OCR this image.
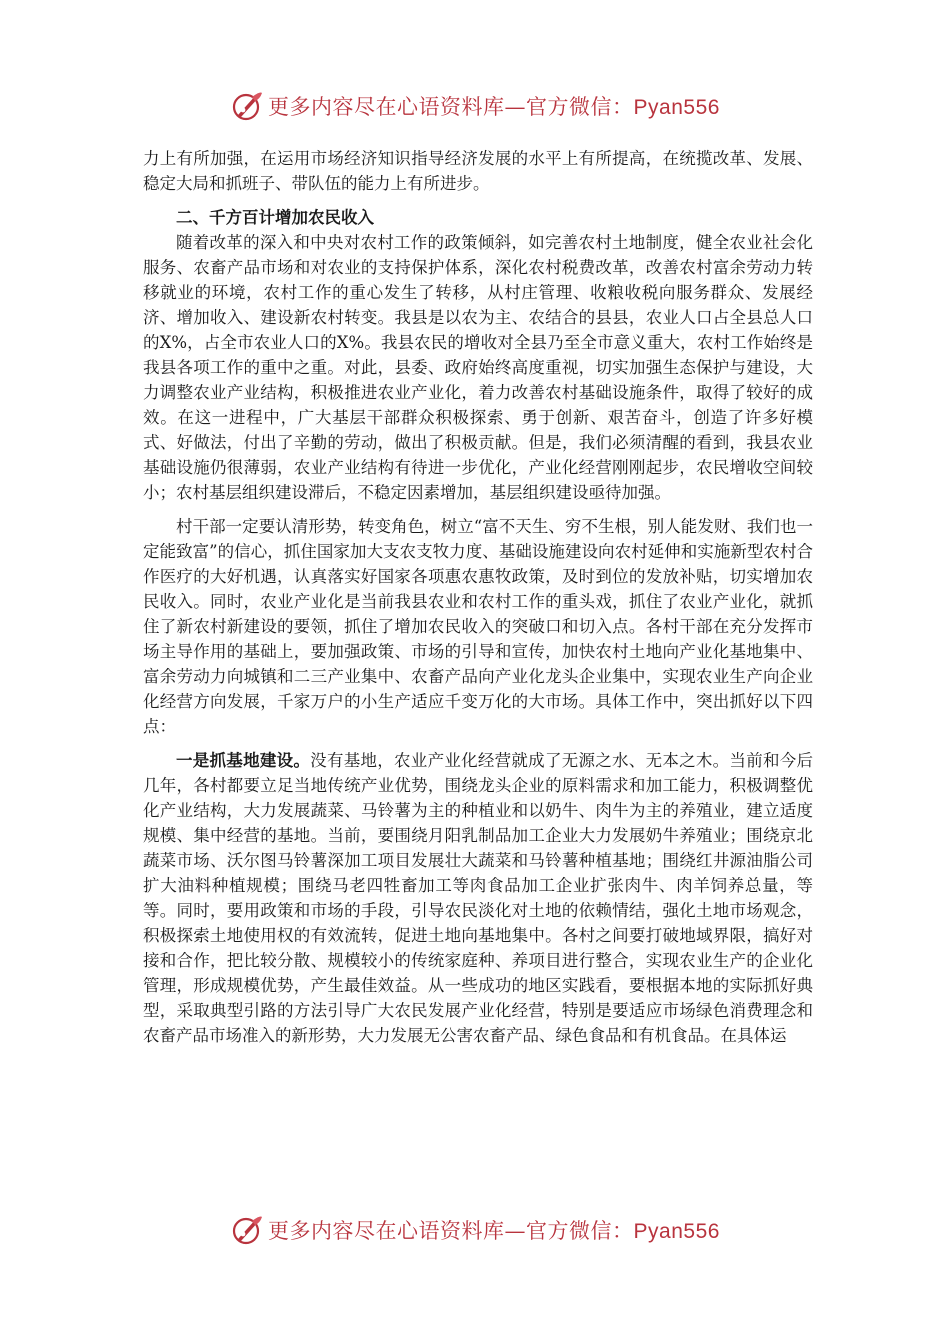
更多内容尽在心语资料库—官方微信：Pyan556

力上有所加强，在运用市场经济知识指导经济发展的水平上有所提高，在统揽改革、发展、稳定大局和抓班子、带队伍的能力上有所进步。

二、千方百计增加农民收入

随着改革的深入和中央对农村工作的政策倾斜，如完善农村土地制度，健全农业社会化服务、农畜产品市场和对农业的支持保护体系，深化农村税费改革，改善农村富余劳动力转移就业的环境，农村工作的重心发生了转移，从村庄管理、收粮收税向服务群众、发展经济、增加收入、建设新农村转变。我县是以农为主、农结合的县县，农业人口占全县总人口的X%，占全市农业人口的X%。我县农民的增收对全县乃至全市意义重大，农村工作始终是我县各项工作的重中之重。对此，县委、政府始终高度重视，切实加强生态保护与建设，大力调整农业产业结构，积极推进农业产业化，着力改善农村基础设施条件，取得了较好的成效。在这一进程中，广大基层干部群众积极探索、勇于创新、艰苦奋斗，创造了许多好模式、好做法，付出了辛勤的劳动，做出了积极贡献。但是，我们必须清醒的看到，我县农业基础设施仍很薄弱，农业产业结构有待进一步优化，产业化经营刚刚起步，农民增收空间较小；农村基层组织建设滞后，不稳定因素增加，基层组织建设亟待加强。

村干部一定要认清形势，转变角色，树立“富不天生、穷不生根，别人能发财、我们也一定能致富”的信心，抓住国家加大支农支牧力度、基础设施建设向农村延伸和实施新型农村合作医疗的大好机遇，认真落实好国家各项惠农惠牧政策，及时到位的发放补贴，切实增加农民收入。同时，农业产业化是当前我县农业和农村工作的重头戏，抓住了农业产业化，就抓住了新农村新建设的要领，抓住了增加农民收入的突破口和切入点。各村干部在充分发挥市场主导作用的基础上，要加强政策、市场的引导和宣传，加快农村土地向产业化基地集中、富余劳动力向城镇和二三产业集中、农畜产品向产业化龙头企业集中，实现农业生产向企业化经营方向发展，千家万户的小生产适应千变万化的大市场。具体工作中，突出抓好以下四点：

一是抓基地建设。没有基地，农业产业化经营就成了无源之水、无本之木。当前和今后几年，各村都要立足当地传统产业优势，围绕龙头企业的原料需求和加工能力，积极调整优化产业结构，大力发展蔬菜、马铃薯为主的种植业和以奶牛、肉牛为主的养殖业，建立适度规模、集中经营的基地。当前，要围绕月阳乳制品加工企业大力发展奶牛养殖业；围绕京北蔬菜市场、沃尔图马铃薯深加工项目发展壮大蔬菜和马铃薯种植基地；围绕红井源油脂公司扩大油料种植规模；围绕马老四牲畜加工等肉食品加工企业扩张肉牛、肉羊饲养总量，等等。同时，要用政策和市场的手段，引导农民淡化对土地的依赖情结，强化土地市场观念，积极探索土地使用权的有效流转，促进土地向基地集中。各村之间要打破地域界限，搞好对接和合作，把比较分散、规模较小的传统家庭种、养项目进行整合，实现农业生产的企业化管理，形成规模优势，产生最佳效益。从一些成功的地区实践看，要根据本地的实际抓好典型，采取典型引路的方法引导广大农民发展产业化经营，特别是要适应市场绿色消费理念和农畜产品市场准入的新形势，大力发展无公害农畜产品、绿色食品和有机食品。在具体运

更多内容尽在心语资料库—官方微信：Pyan556
